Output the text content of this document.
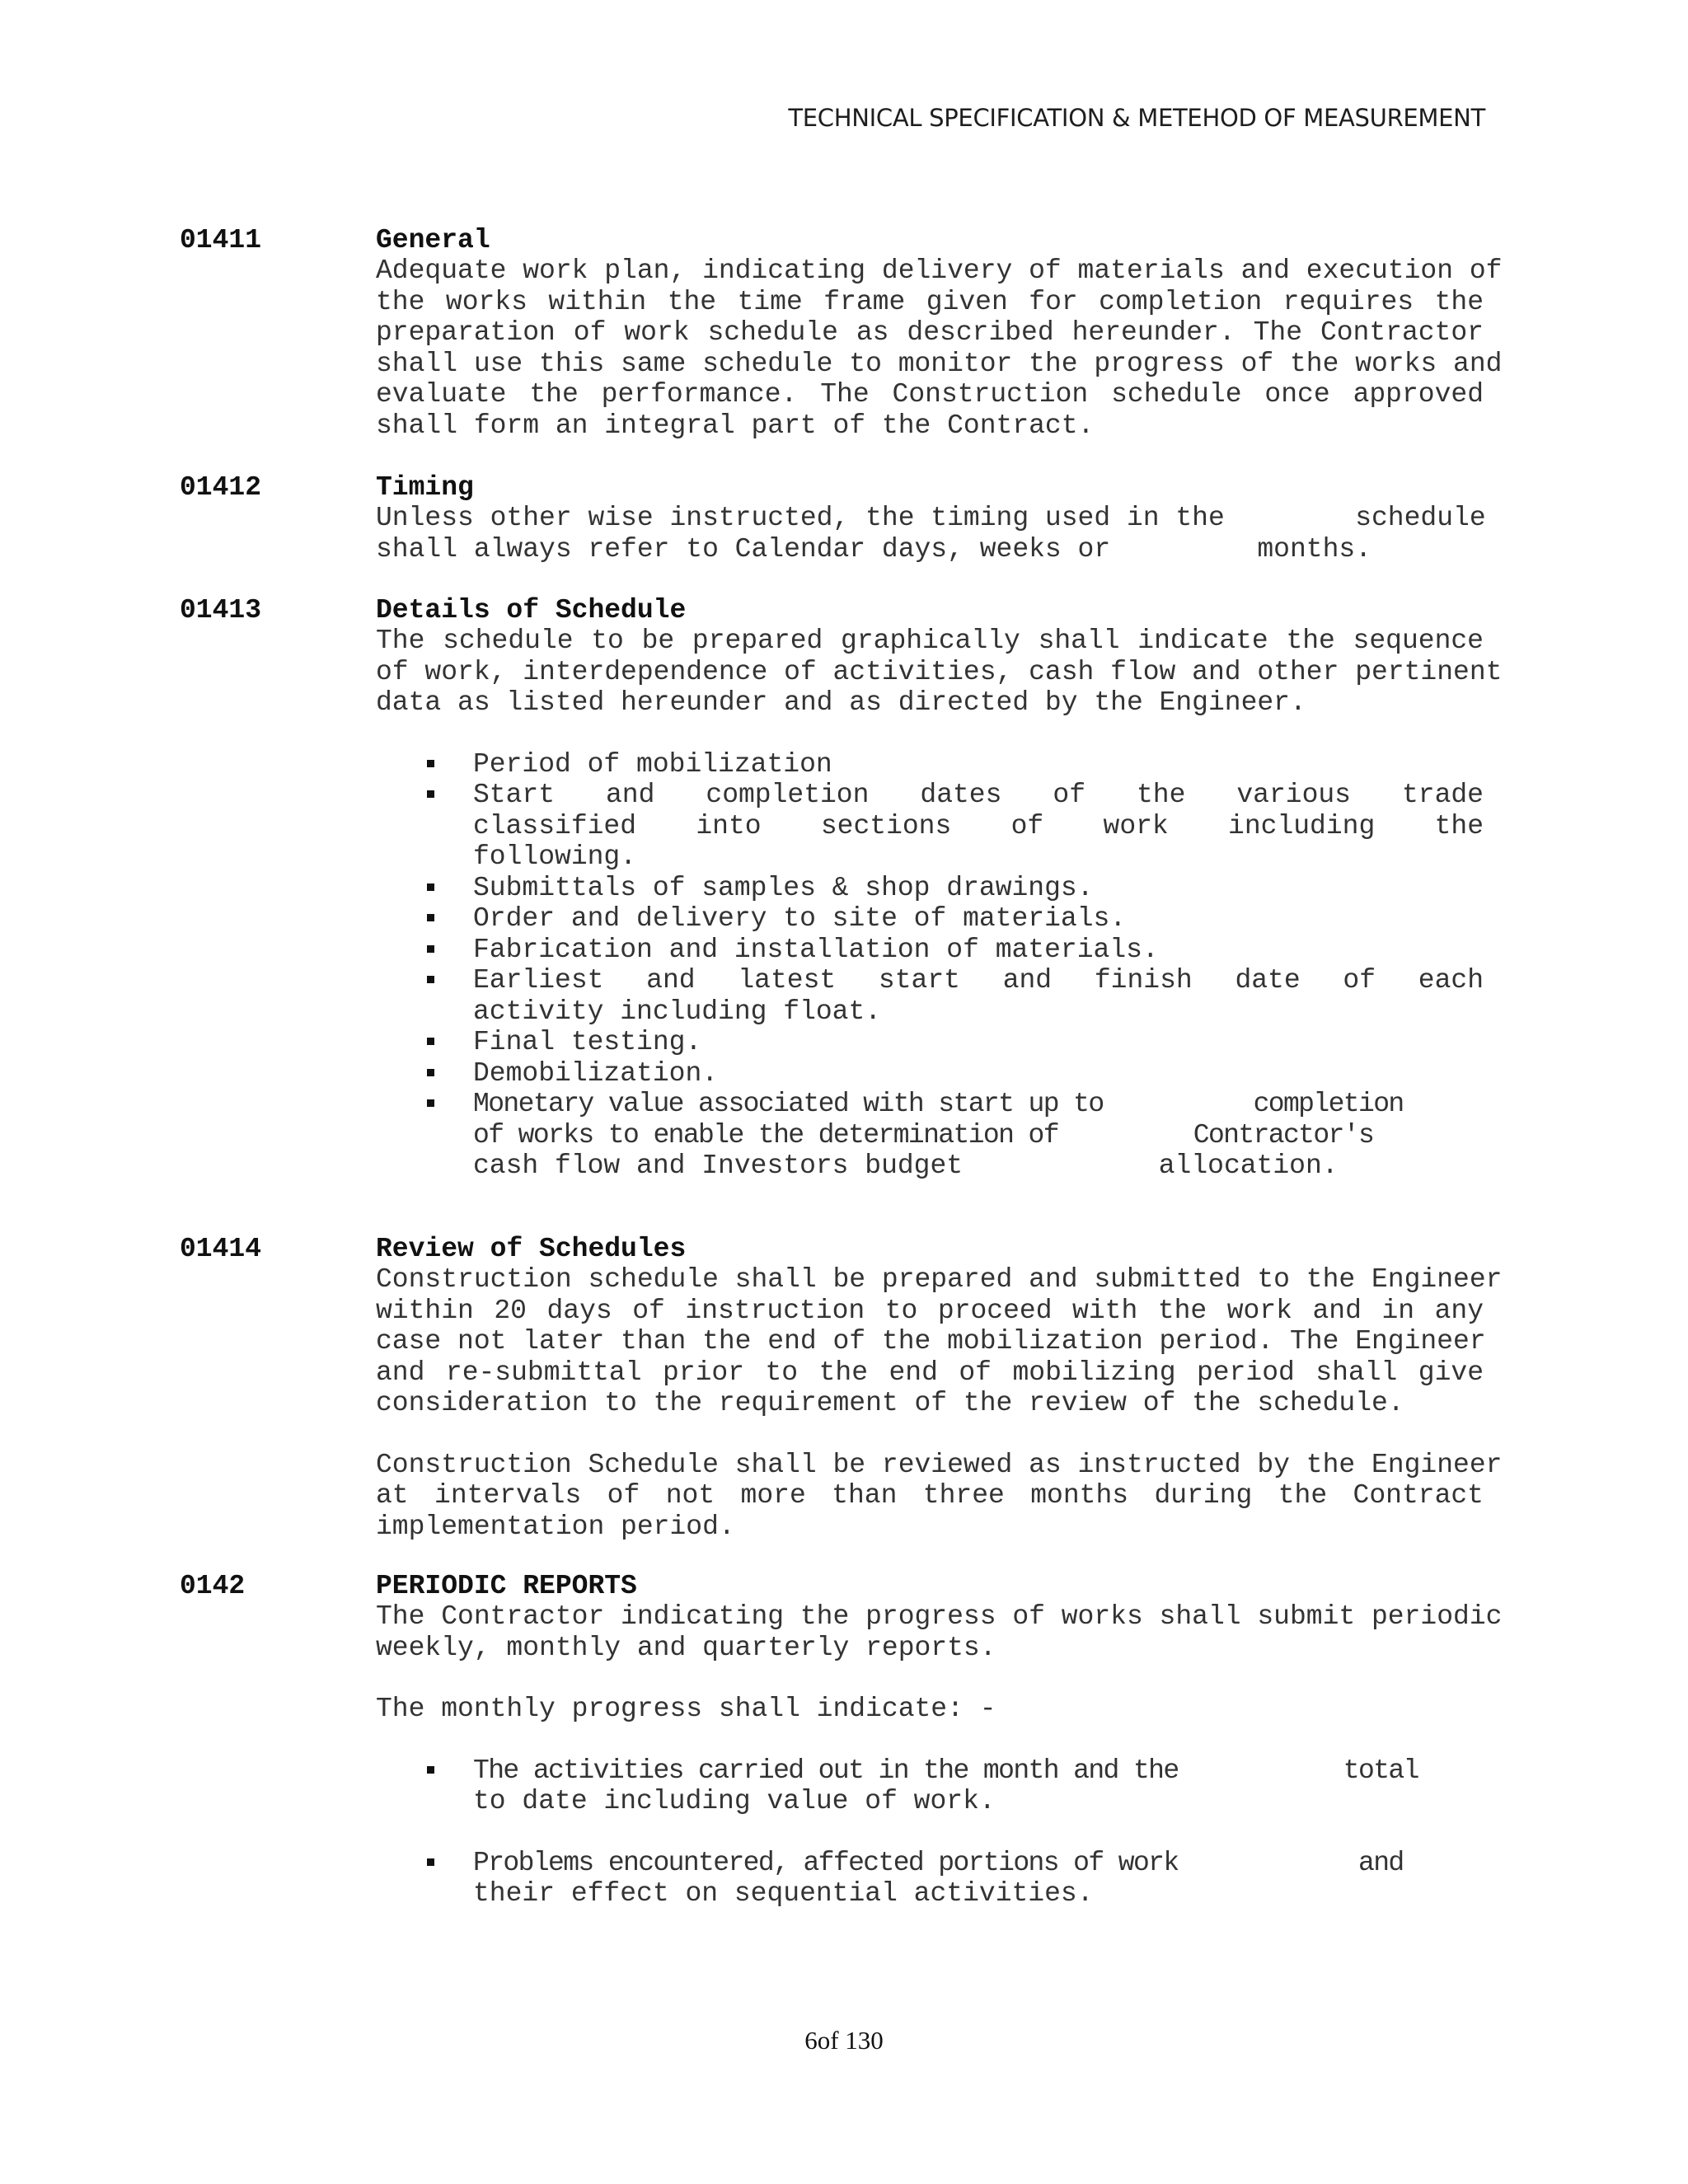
TECHNICAL SPECIFICATION & METEHOD OF MEASUREMENT
01411	General
Adequate work plan, indicating delivery of materials and execution of
the works within the time frame given for completion requires the
preparation of work schedule as described hereunder. The Contractor
shall use this same schedule to monitor the progress of the works and
evaluate the performance. The Construction schedule once approved
shall form an integral part of the Contract.
01412	Timing
Unless other wise instructed, the timing used in the        schedule
shall always refer to Calendar days, weeks or         months.
01413	Details of Schedule
The schedule to be prepared graphically shall indicate the sequence
of work, interdependence of activities, cash flow and other pertinent
data as listed hereunder and as directed by the Engineer.
Period of mobilization
Start and completion dates of the various trade
classified into sections of work including the
following.
Submittals of samples & shop drawings.
Order and delivery to site of materials.
Fabrication and installation of materials.
Earliest and latest start and finish date of each
activity including float.
Final testing.
Demobilization.
Monetary value associated with start up to          completion
of works to enable the determination of         Contractor's
cash flow and Investors budget            allocation.
01414	Review of Schedules
Construction schedule shall be prepared and submitted to the Engineer
within 20 days of instruction to proceed with the work and in any
case not later than the end of the mobilization period. The Engineer
and re-submittal prior to the end of mobilizing period shall give
consideration to the requirement of the review of the schedule.
Construction Schedule shall be reviewed as instructed by the Engineer
at intervals of not more than three months during the Contract
implementation period.
0142	PERIODIC REPORTS
The Contractor indicating the progress of works shall submit periodic
weekly, monthly and quarterly reports.
The monthly progress shall indicate: -
The activities carried out in the month and the           total
to date including value of work.
Problems encountered, affected portions of work            and
their effect on sequential activities.
6of 130
